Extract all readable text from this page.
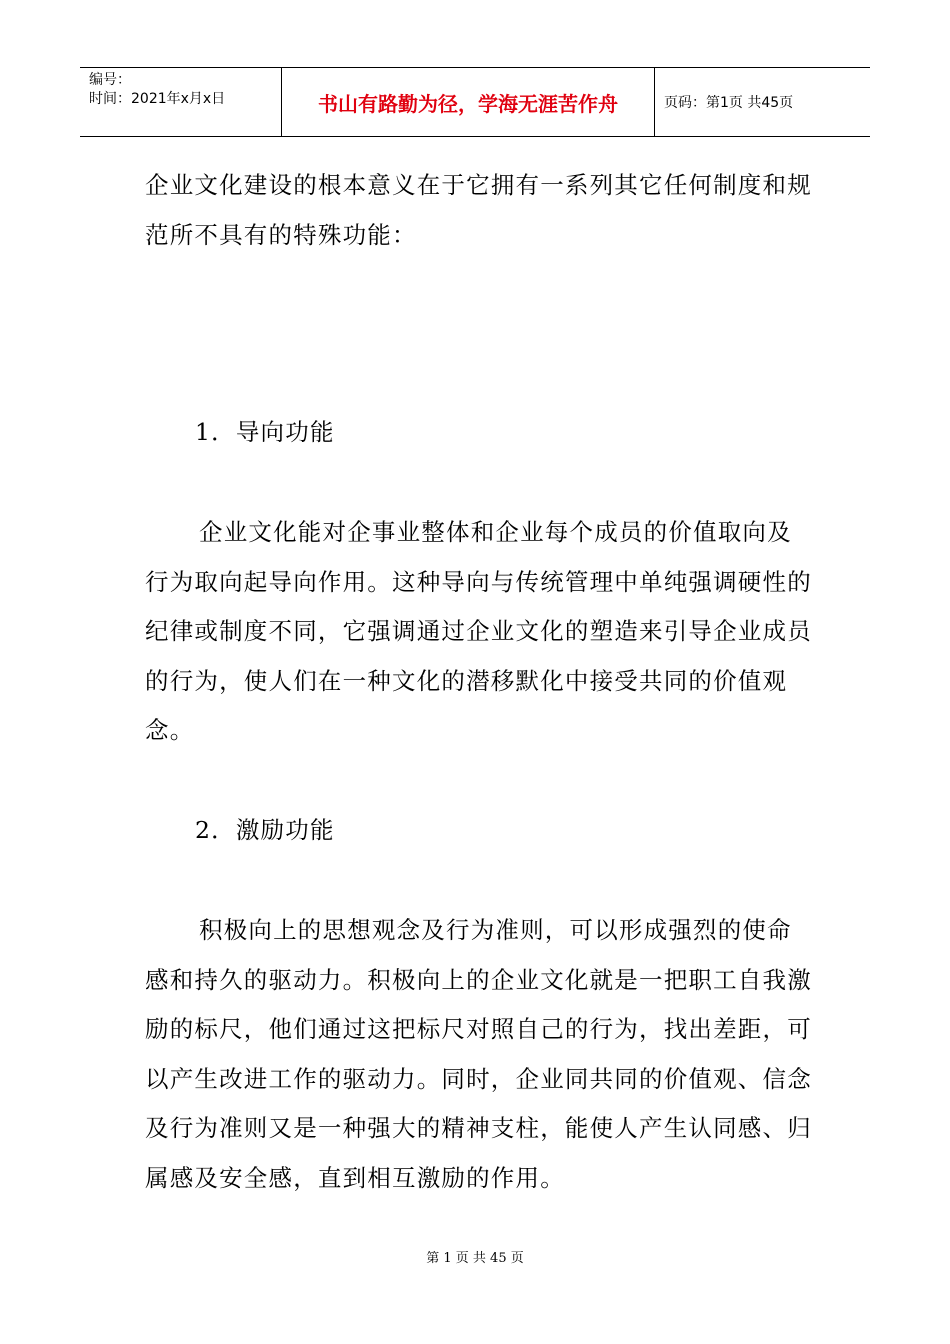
编号：
时间：2021年x月x日	书山有路勤为径，学海无涯苦作舟	页码：第1页 共45页

企业文化建设的根本意义在于它拥有一系列其它任何制度和规范所不具有的特殊功能：

1．导向功能

企业文化能对企事业整体和企业每个成员的价值取向及行为取向起导向作用。这种导向与传统管理中单纯强调硬性的纪律或制度不同，它强调通过企业文化的塑造来引导企业成员的行为，使人们在一种文化的潜移默化中接受共同的价值观念。

2．激励功能

积极向上的思想观念及行为准则，可以形成强烈的使命感和持久的驱动力。积极向上的企业文化就是一把职工自我激励的标尺，他们通过这把标尺对照自己的行为，找出差距，可以产生改进工作的驱动力。同时，企业同共同的价值观、信念及行为准则又是一种强大的精神支柱，能使人产生认同感、归属感及安全感，直到相互激励的作用。

第 1 页 共 45 页
